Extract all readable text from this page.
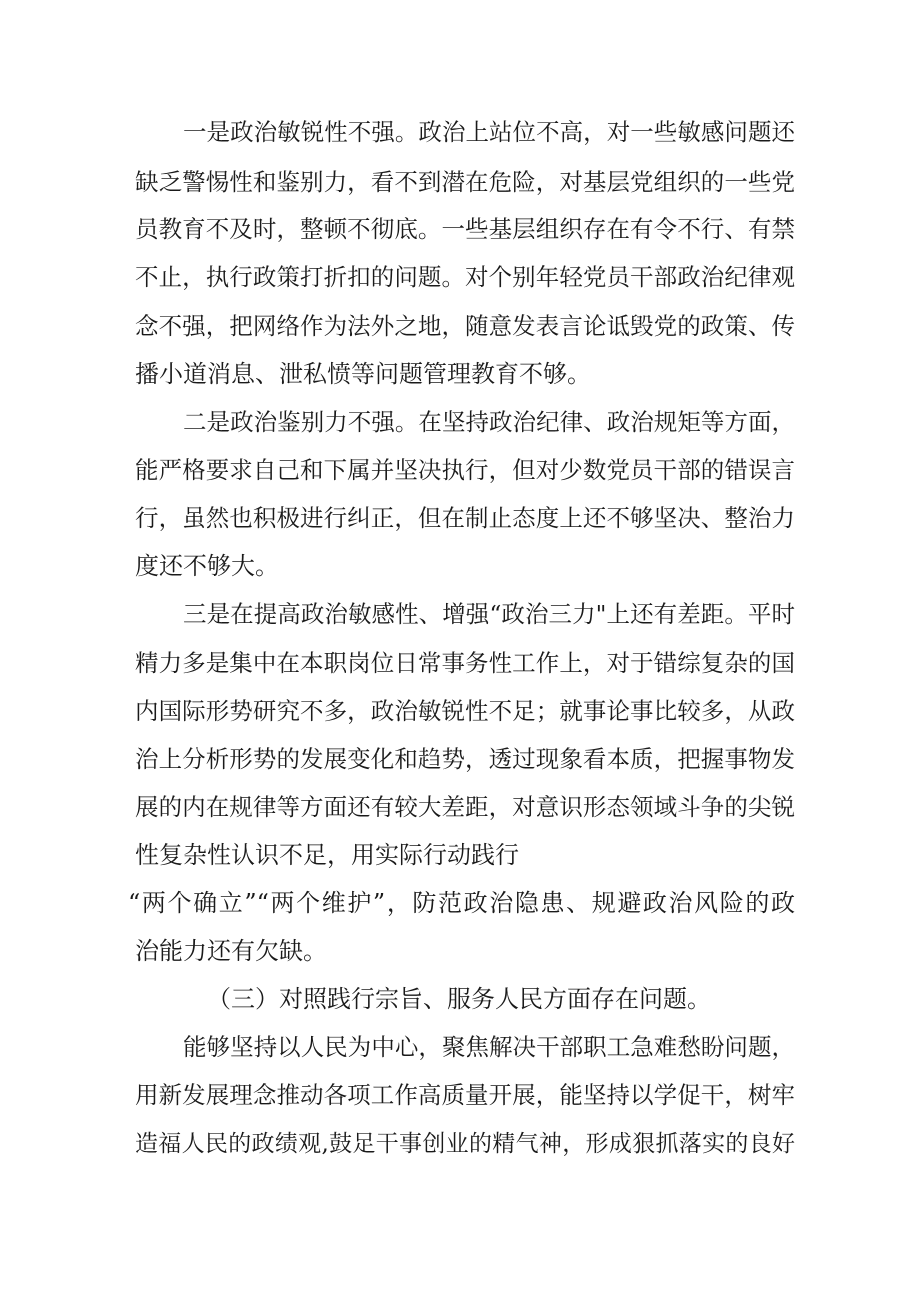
一是政治敏锐性不强。政治上站位不高，对一些敏感问题还
缺乏警惕性和鉴别力，看不到潜在危险，对基层党组织的一些党
员教育不及时，整顿不彻底。一些基层组织存在有令不行、有禁
不止，执行政策打折扣的问题。对个别年轻党员干部政治纪律观
念不强，把网络作为法外之地，随意发表言论诋毁党的政策、传
播小道消息、泄私愤等问题管理教育不够。
二是政治鉴别力不强。在坚持政治纪律、政治规矩等方面，
能严格要求自己和下属并坚决执行，但对少数党员干部的错误言
行，虽然也积极进行纠正，但在制止态度上还不够坚决、整治力
度还不够大。
三是在提高政治敏感性、增强“政治三力"上还有差距。平时
精力多是集中在本职岗位日常事务性工作上，对于错综复杂的国
内国际形势研究不多，政治敏锐性不足；就事论事比较多，从政
治上分析形势的发展变化和趋势，透过现象看本质，把握事物发
展的内在规律等方面还有较大差距，对意识形态领域斗争的尖锐
性复杂性认识不足，用实际行动践行
“两个确立”“两个维护”，防范政治隐患、规避政治风险的政
治能力还有欠缺。
（三）对照践行宗旨、服务人民方面存在问题。
能够坚持以人民为中心，聚焦解决干部职工急难愁盼问题，
用新发展理念推动各项工作高质量开展，能坚持以学促干，树牢
造福人民的政绩观,鼓足干事创业的精气神，形成狠抓落实的良好
